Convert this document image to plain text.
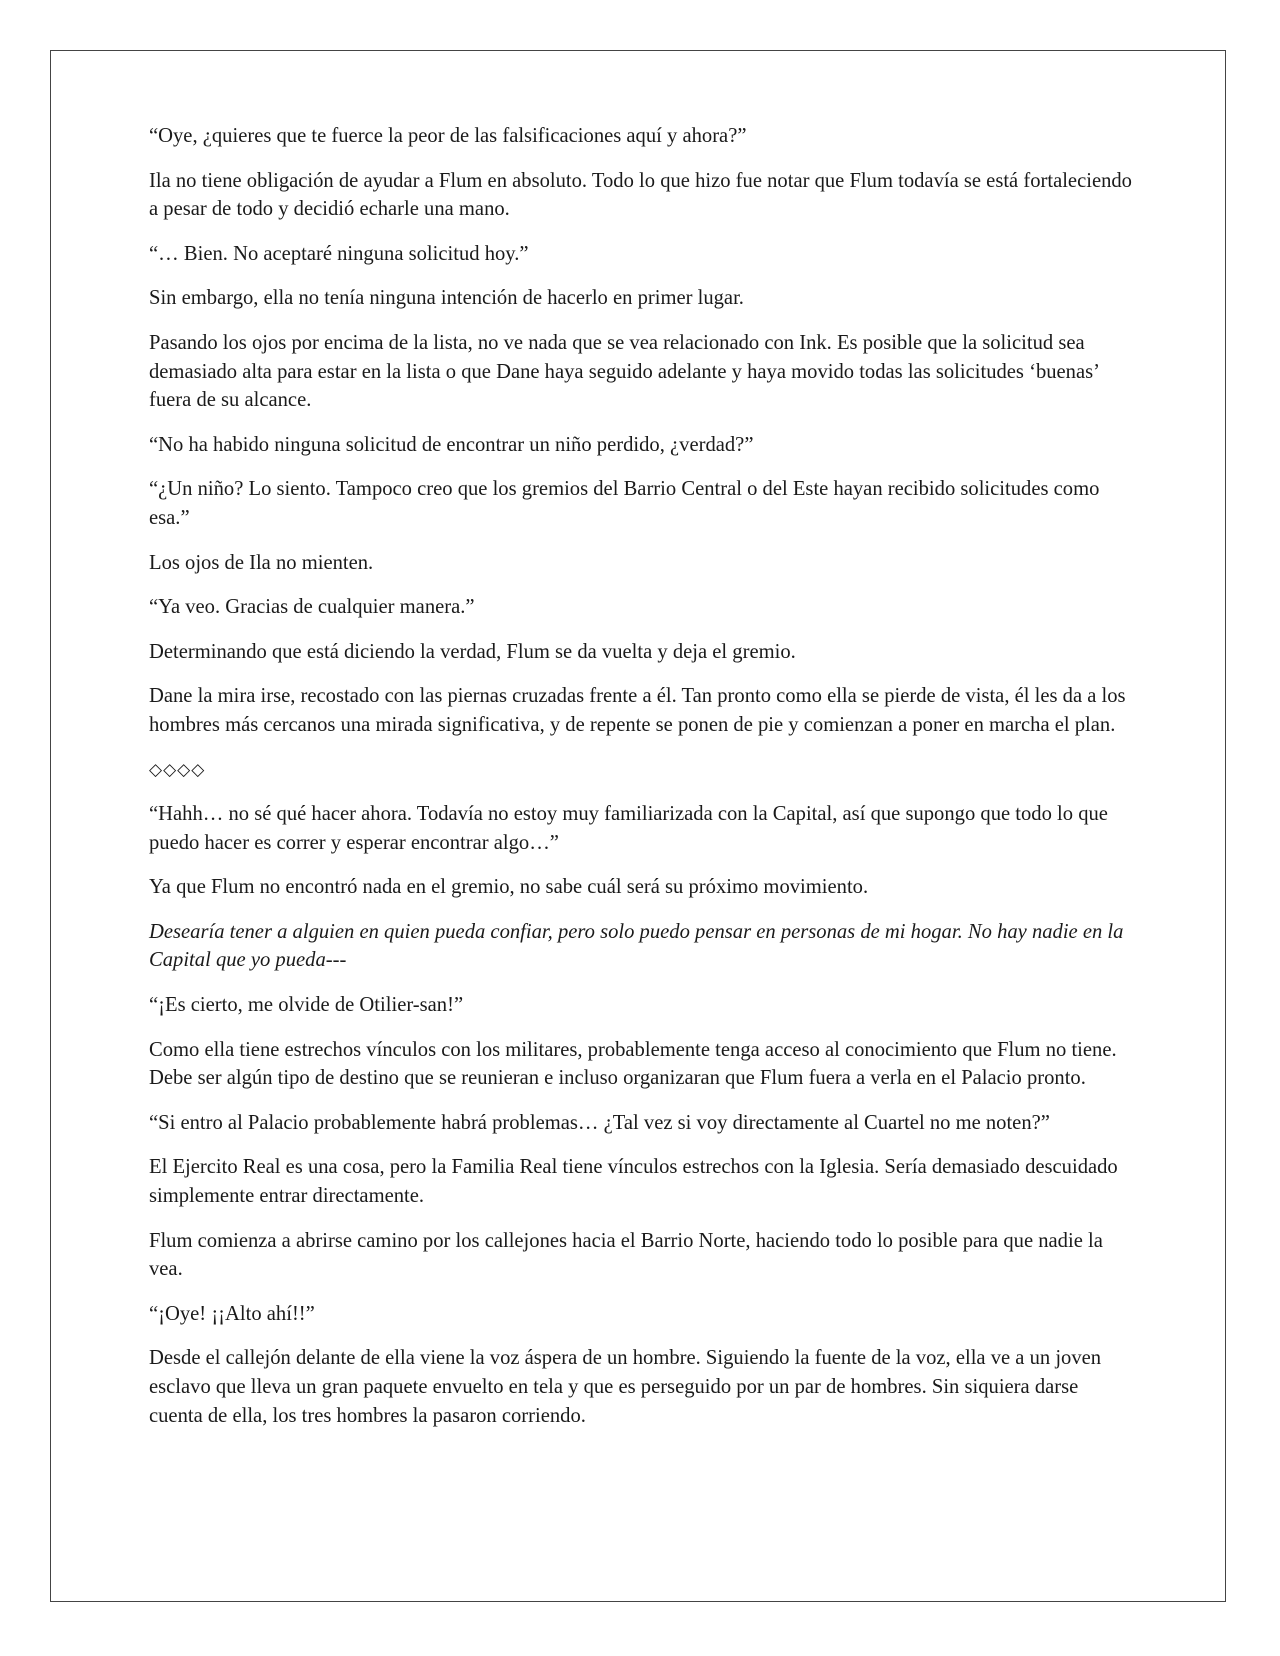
“Oye, ¿quieres que te fuerce la peor de las falsificaciones aquí y ahora?”

Ila no tiene obligación de ayudar a Flum en absoluto. Todo lo que hizo fue notar que Flum todavía se está fortaleciendo a pesar de todo y decidió echarle una mano.

“… Bien. No aceptaré ninguna solicitud hoy.”

Sin embargo, ella no tenía ninguna intención de hacerlo en primer lugar.

Pasando los ojos por encima de la lista, no ve nada que se vea relacionado con Ink. Es posible que la solicitud sea demasiado alta para estar en la lista o que Dane haya seguido adelante y haya movido todas las solicitudes ‘buenas’ fuera de su alcance.

“No ha habido ninguna solicitud de encontrar un niño perdido, ¿verdad?”

“¿Un niño? Lo siento. Tampoco creo que los gremios del Barrio Central o del Este hayan recibido solicitudes como esa.”

Los ojos de Ila no mienten.

“Ya veo. Gracias de cualquier manera.”

Determinando que está diciendo la verdad, Flum se da vuelta y deja el gremio.

Dane la mira irse, recostado con las piernas cruzadas frente a él. Tan pronto como ella se pierde de vista, él les da a los hombres más cercanos una mirada significativa, y de repente se ponen de pie y comienzan a poner en marcha el plan.

◇◇◇◇

“Hahh… no sé qué hacer ahora. Todavía no estoy muy familiarizada con la Capital, así que supongo que todo lo que puedo hacer es correr y esperar encontrar algo…”

Ya que Flum no encontró nada en el gremio, no sabe cuál será su próximo movimiento.

Desearía tener a alguien en quien pueda confiar, pero solo puedo pensar en personas de mi hogar. No hay nadie en la Capital que yo pueda---

“¡Es cierto, me olvide de Otilier-san!”

Como ella tiene estrechos vínculos con los militares, probablemente tenga acceso al conocimiento que Flum no tiene. Debe ser algún tipo de destino que se reunieran e incluso organizaran que Flum fuera a verla en el Palacio pronto.

“Si entro al Palacio probablemente habrá problemas… ¿Tal vez si voy directamente al Cuartel no me noten?”

El Ejercito Real es una cosa, pero la Familia Real tiene vínculos estrechos con la Iglesia. Sería demasiado descuidado simplemente entrar directamente.

Flum comienza a abrirse camino por los callejones hacia el Barrio Norte, haciendo todo lo posible para que nadie la vea.

“¡Oye! ¡¡Alto ahí!!”

Desde el callejón delante de ella viene la voz áspera de un hombre. Siguiendo la fuente de la voz, ella ve a un joven esclavo que lleva un gran paquete envuelto en tela y que es perseguido por un par de hombres. Sin siquiera darse cuenta de ella, los tres hombres la pasaron corriendo.
